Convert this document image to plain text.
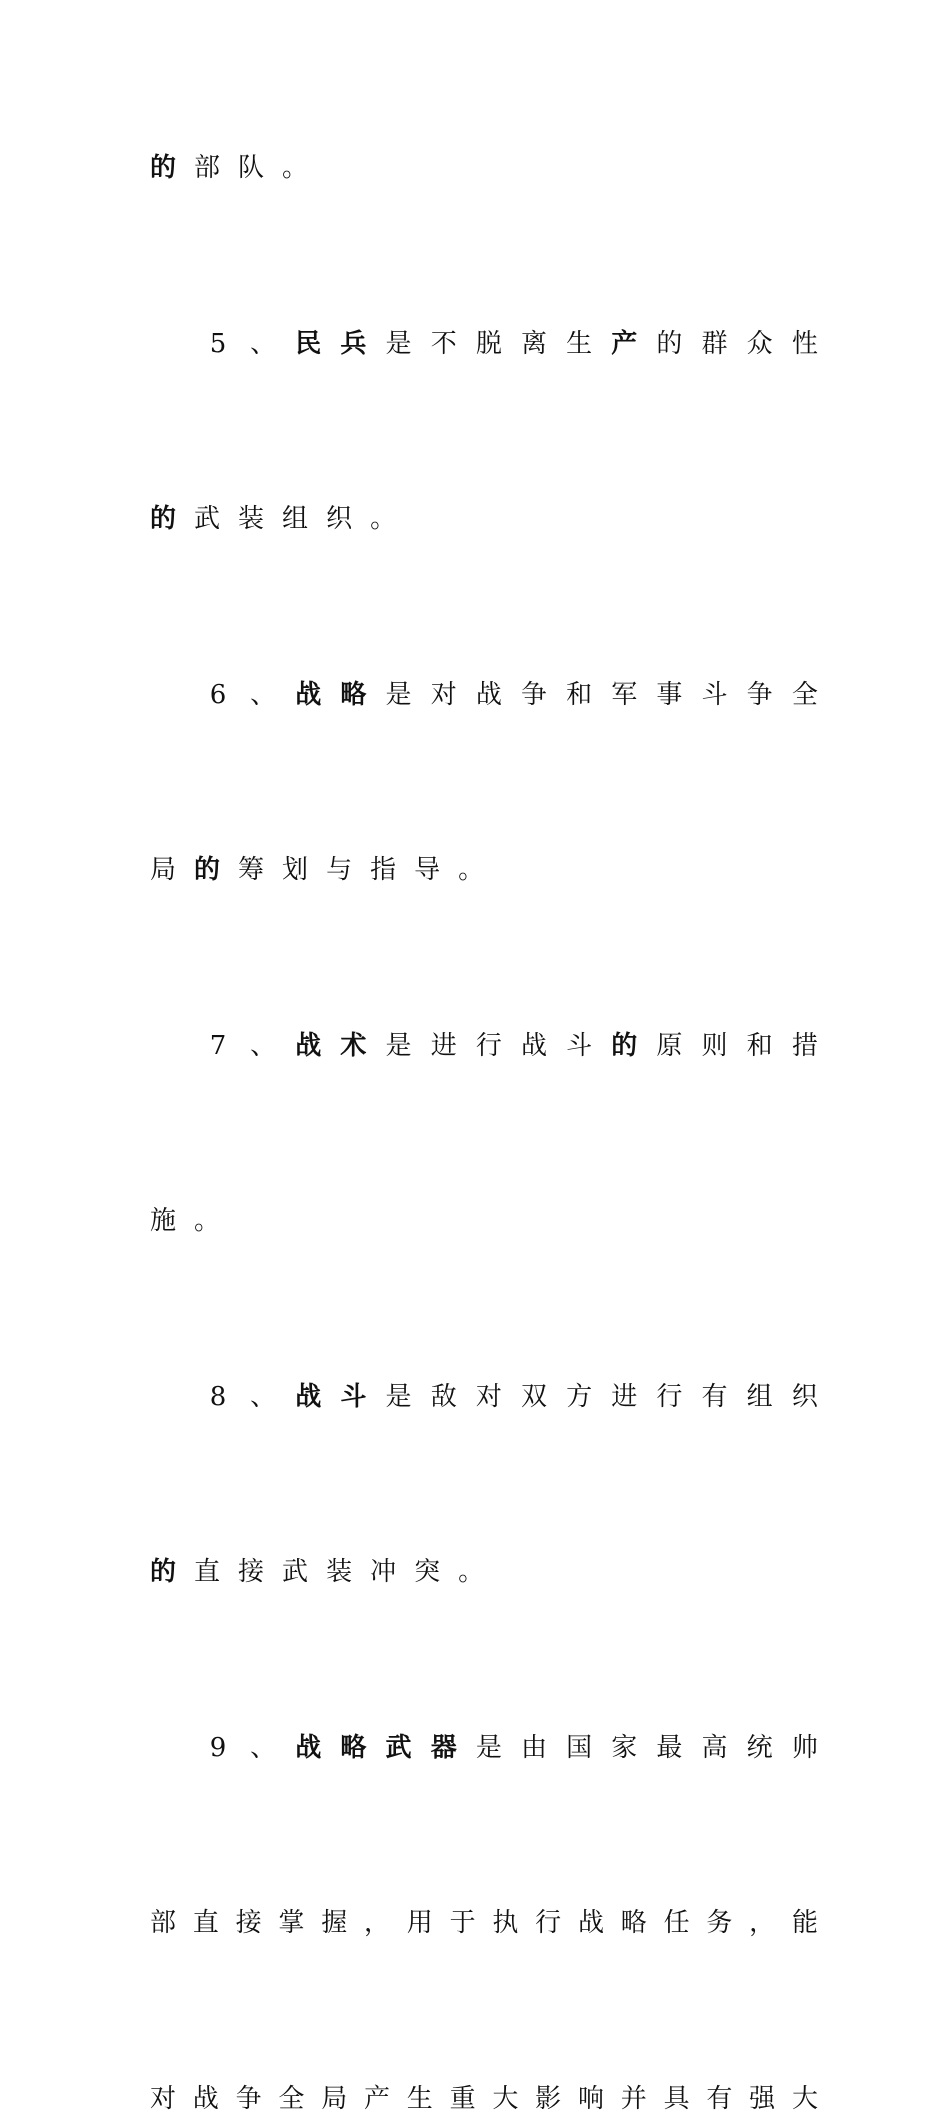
的 部 队 。
5 、 民 兵 是 不 脱 离 生 产 的 群 众 性
的 武 装 组 织 。
6 、 战 略 是 对 战 争 和 军 事 斗 争 全
局 的 筹 划 与 指 导 。
7 、 战 术 是 进 行 战 斗 的 原 则 和 措
施 。
8 、 战 斗 是 敌 对 双 方 进 行 有 组 织
的 直 接 武 装 冲 突 。
9 、 战 略 武 器 是 由 国 家 最 高 统 帅
部 直 接 掌 握 ， 用 于 执 行 战 略 任 务 ， 能
对 战 争 全 局 产 生 重 大 影 响 并 具 有 强 大
